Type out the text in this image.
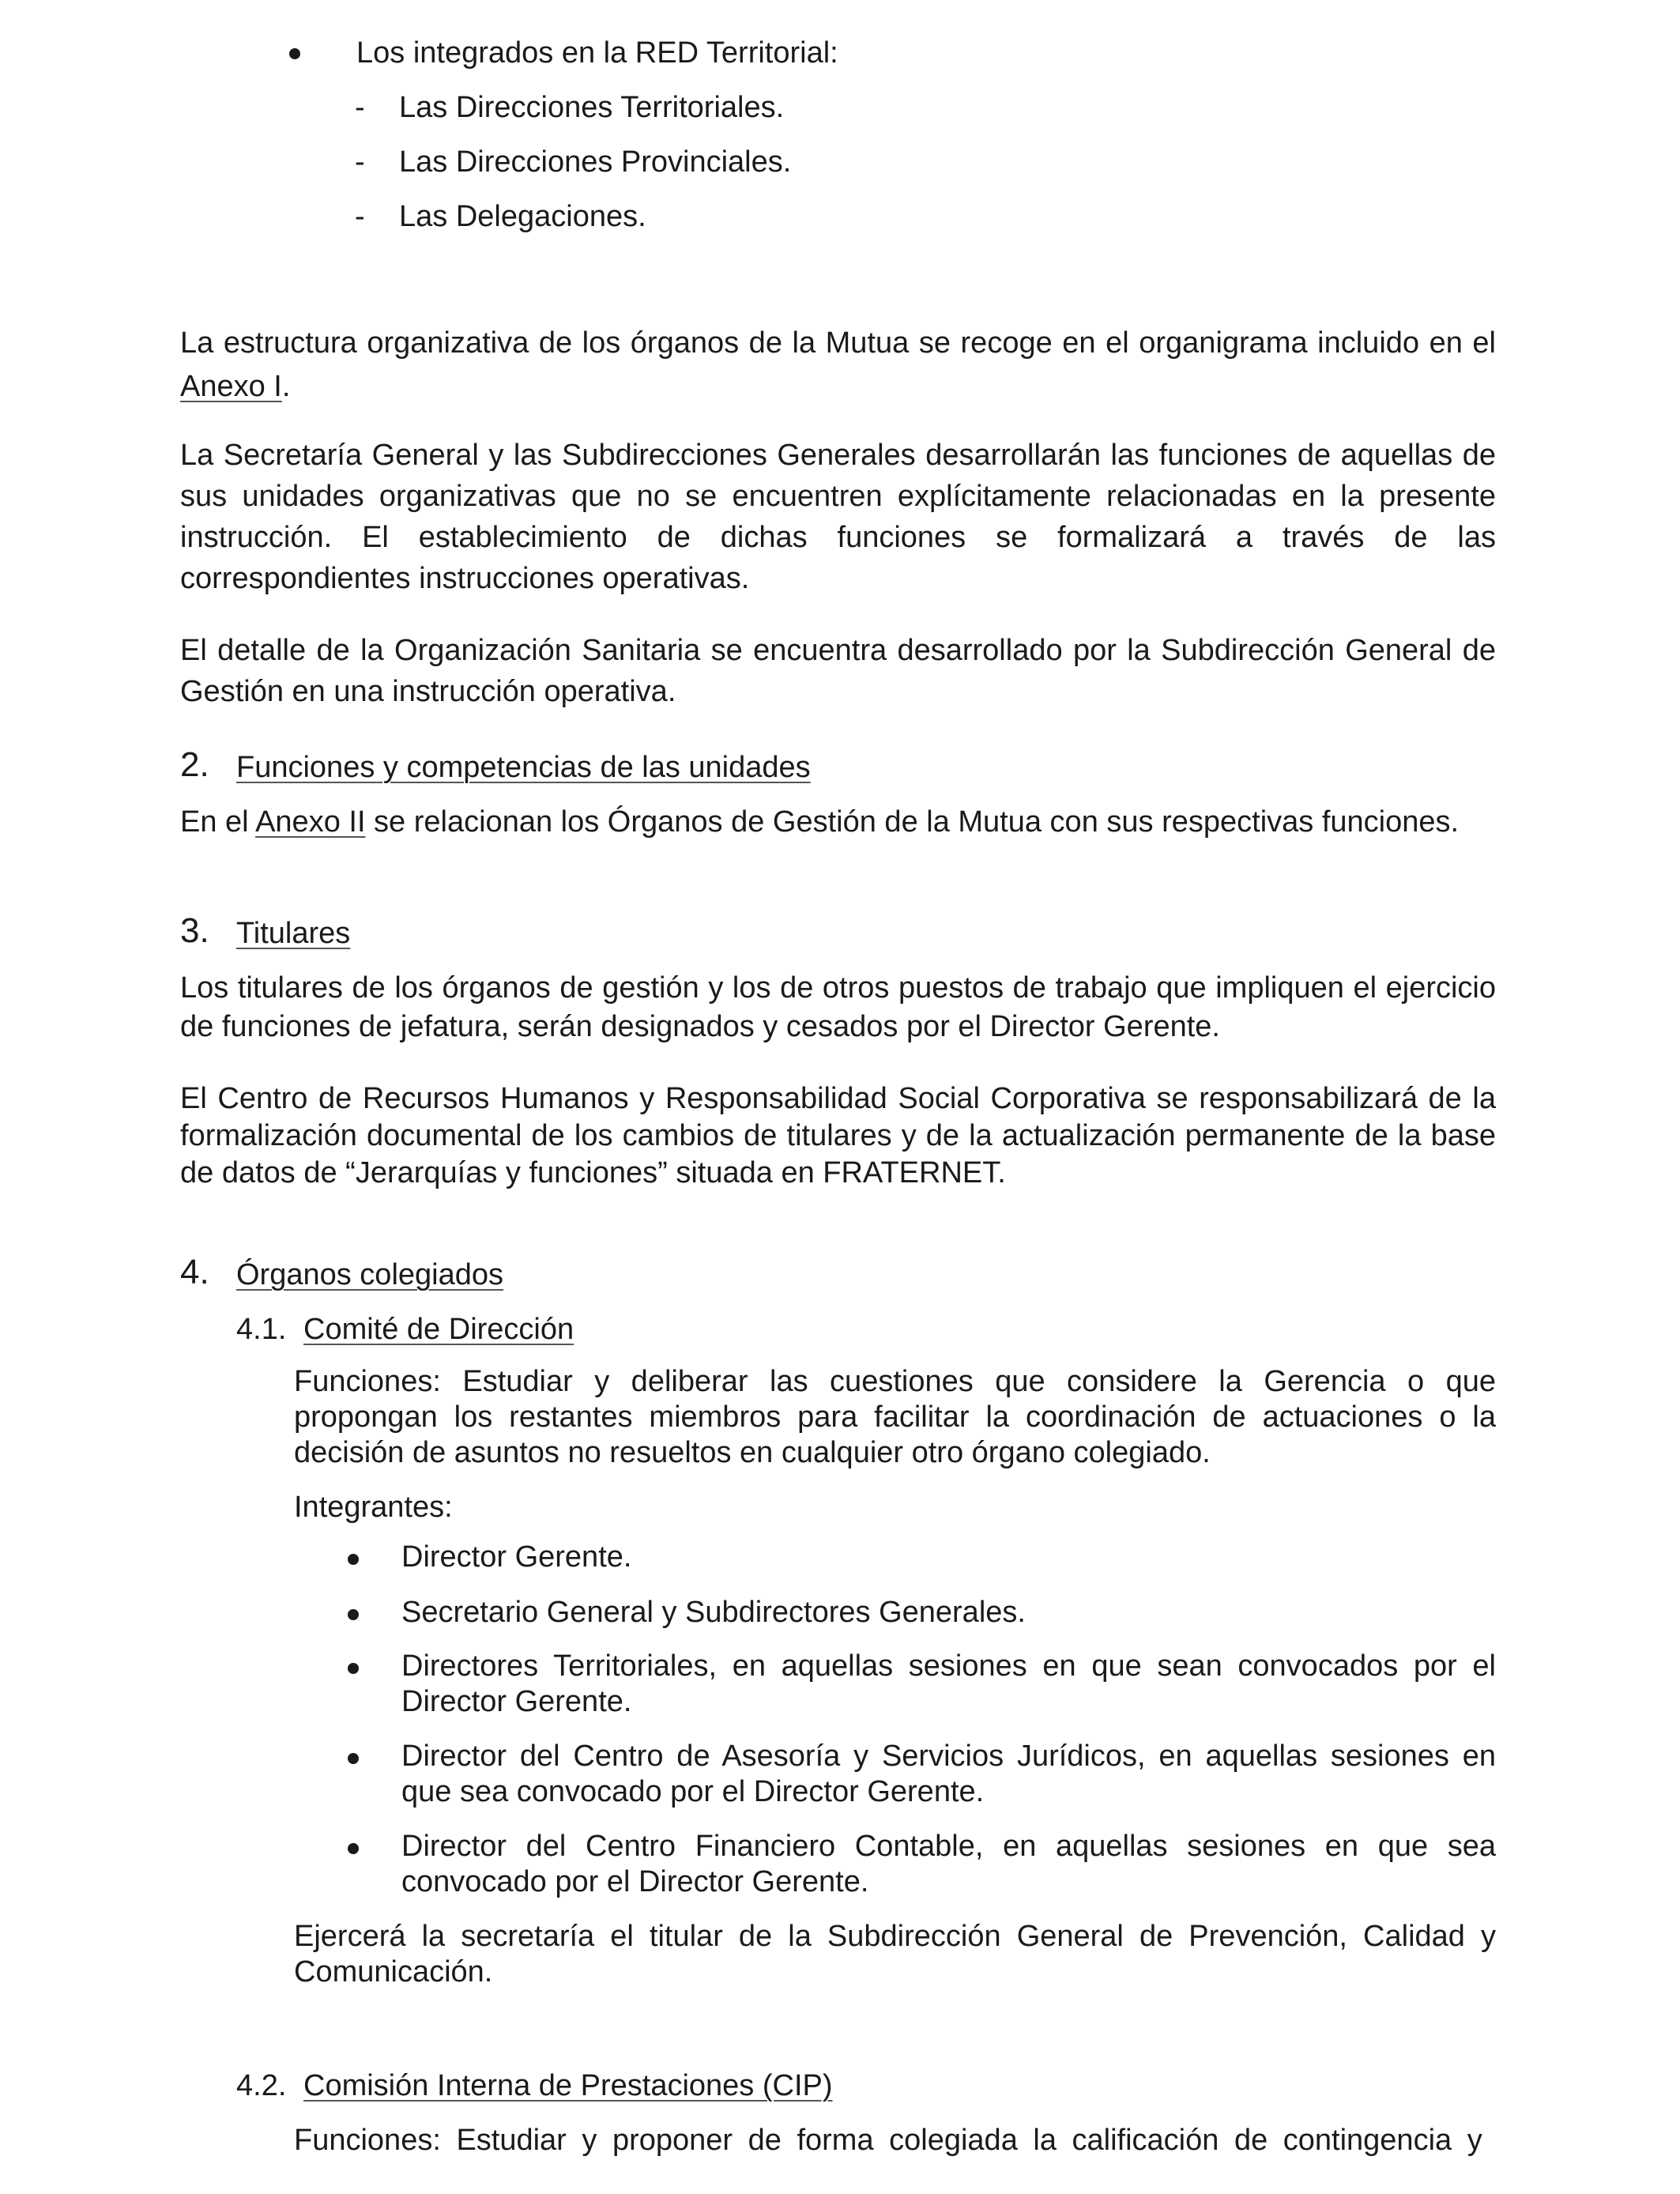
Los integrados en la RED Territorial:

- Las Direcciones Territoriales.

- Las Direcciones Provinciales.

- Las Delegaciones.

La estructura organizativa de los órganos de la Mutua se recoge en el organigrama incluido en el Anexo I.

La Secretaría General y las Subdirecciones Generales desarrollarán las funciones de aquellas de sus unidades organizativas que no se encuentren explícitamente relacionadas en la presente instrucción. El establecimiento de dichas funciones se formalizará a través de las correspondientes instrucciones operativas.

El detalle de la Organización Sanitaria se encuentra desarrollado por la Subdirección General de Gestión en una instrucción operativa.

2. Funciones y competencias de las unidades

En el Anexo II se relacionan los Órganos de Gestión de la Mutua con sus respectivas funciones.

3. Titulares

Los titulares de los órganos de gestión y los de otros puestos de trabajo que impliquen el ejercicio de funciones de jefatura, serán designados y cesados por el Director Gerente.

El Centro de Recursos Humanos y Responsabilidad Social Corporativa se responsabilizará de la formalización documental de los cambios de titulares y de la actualización permanente de la base de datos de “Jerarquías y funciones” situada en FRATERNET.

4. Órganos colegiados

4.1. Comité de Dirección

Funciones: Estudiar y deliberar las cuestiones que considere la Gerencia o que propongan los restantes miembros para facilitar la coordinación de actuaciones o la decisión de asuntos no resueltos en cualquier otro órgano colegiado.

Integrantes:

Director Gerente.

Secretario General y Subdirectores Generales.

Directores Territoriales, en aquellas sesiones en que sean convocados por el Director Gerente.

Director del Centro de Asesoría y Servicios Jurídicos, en aquellas sesiones en que sea convocado por el Director Gerente.

Director del Centro Financiero Contable, en aquellas sesiones en que sea convocado por el Director Gerente.

Ejercerá la secretaría el titular de la Subdirección General de Prevención, Calidad y Comunicación.

4.2. Comisión Interna de Prestaciones (CIP)

Funciones: Estudiar y proponer de forma colegiada la calificación de contingencia y
